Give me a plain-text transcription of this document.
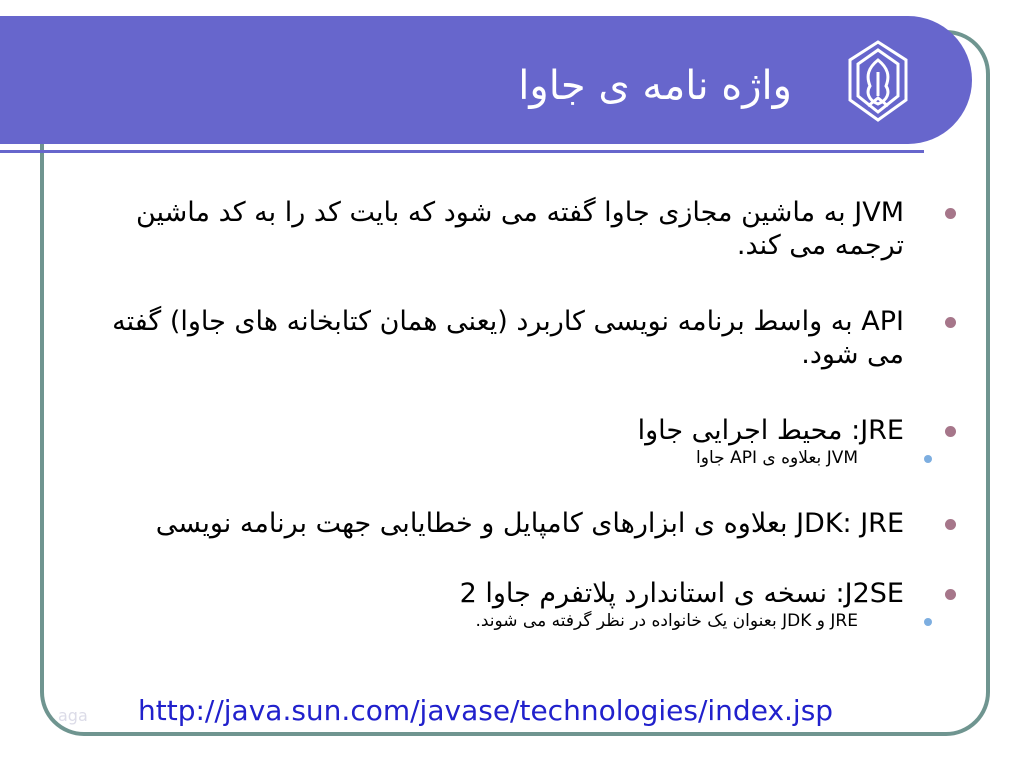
واژه نامه ی جاوا
JVM به ماشین مجازی جاوا گفته می شود که بایت کد را به کد ماشین ترجمه می کند.
API به واسط برنامه نویسی کاربرد (یعنی همان کتابخانه های جاوا) گفته می شود.
JRE: محیط اجرایی جاوا
JVM بعلاوه ی API جاوا
JDK: JRE بعلاوه ی ابزارهای کامپایل و خطایابی جهت برنامه نویسی
J2SE: نسخه ی استاندارد پلاتفرم جاوا 2
JRE و JDK بعنوان یک خانواده در نظر گرفته می شوند.
aga http://java.sun.com/javase/technologies/index.jsp
